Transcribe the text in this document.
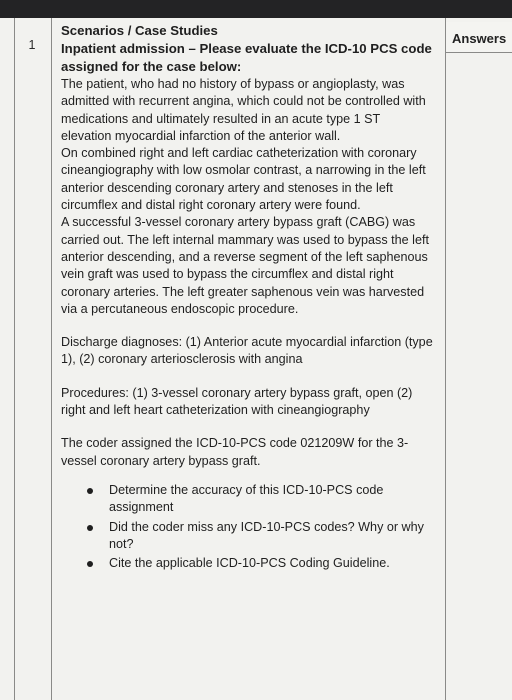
1	Answers

Scenarios / Case Studies

Inpatient admission – Please evaluate the ICD-10 PCS code assigned for the case below:

The patient, who had no history of bypass or angioplasty, was admitted with recurrent angina, which could not be controlled with medications and ultimately resulted in an acute type 1 ST elevation myocardial infarction of the anterior wall.

On combined right and left cardiac catheterization with coronary cineangiography with low osmolar contrast, a narrowing in the left anterior descending coronary artery and stenoses in the left circumflex and distal right coronary artery were found.

A successful 3-vessel coronary artery bypass graft (CABG) was carried out. The left internal mammary was used to bypass the left anterior descending, and a reverse segment of the left saphenous vein graft was used to bypass the circumflex and distal right coronary arteries. The left greater saphenous vein was harvested via a percutaneous endoscopic procedure.

Discharge diagnoses: (1) Anterior acute myocardial infarction (type 1), (2) coronary arteriosclerosis with angina

Procedures: (1) 3-vessel coronary artery bypass graft, open (2) right and left heart catheterization with cineangiography

The coder assigned the ICD-10-PCS code 021209W for the 3-vessel coronary artery bypass graft.

Determine the accuracy of this ICD-10-PCS code assignment
Did the coder miss any ICD-10-PCS codes? Why or why not?
Cite the applicable ICD-10-PCS Coding Guideline.
